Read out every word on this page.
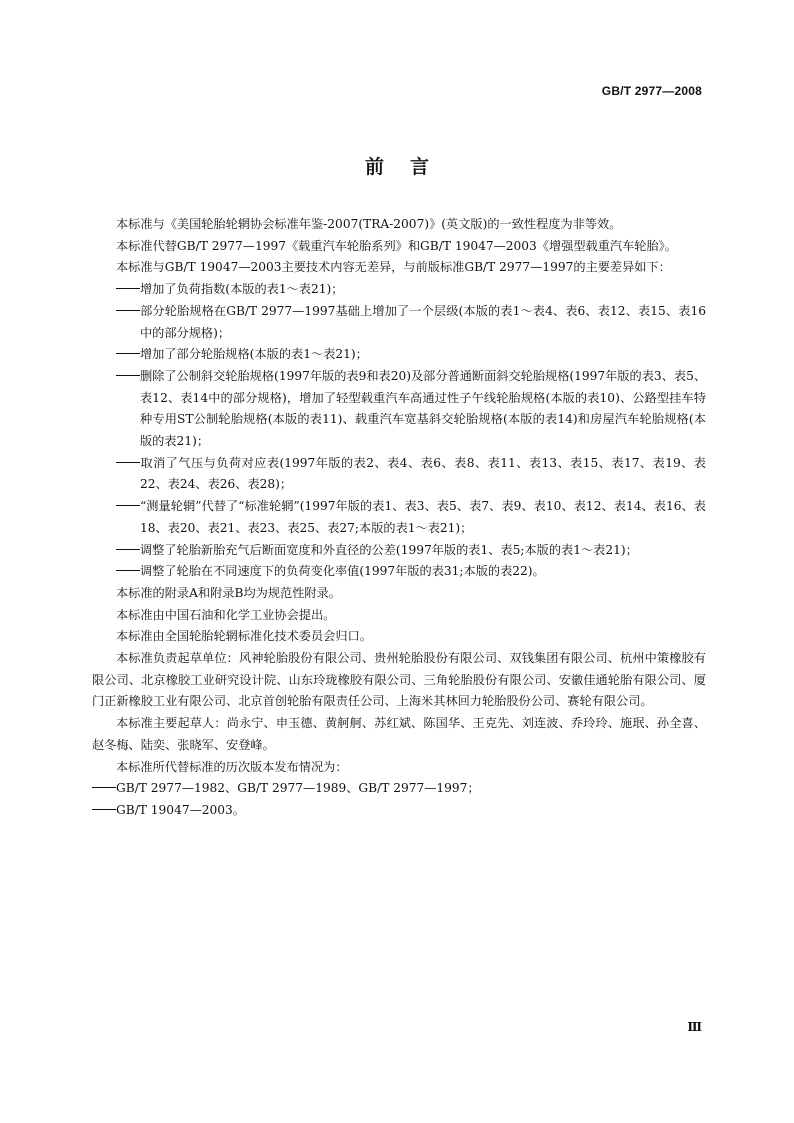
GB/T 2977—2008
前言

本标准与《美国轮胎轮辋协会标准年鉴-2007(TRA-2007)》(英文版)的一致性程度为非等效。

本标准代替GB/T 2977—1997《载重汽车轮胎系列》和GB/T 19047—2003《增强型载重汽车轮胎》。

本标准与GB/T 19047—2003主要技术内容无差异，与前版标准GB/T 2977—1997的主要差异如下：

增加了负荷指数(本版的表1～表21)；

部分轮胎规格在GB/T 2977—1997基础上增加了一个层级(本版的表1～表4、表6、表12、表15、表16中的部分规格)；

增加了部分轮胎规格(本版的表1～表21)；

删除了公制斜交轮胎规格(1997年版的表9和表20)及部分普通断面斜交轮胎规格(1997年版的表3、表5、表12、表14中的部分规格)，增加了轻型载重汽车高通过性子午线轮胎规格(本版的表10)、公路型挂车特种专用ST公制轮胎规格(本版的表11)、载重汽车宽基斜交轮胎规格(本版的表14)和房屋汽车轮胎规格(本版的表21)；

取消了气压与负荷对应表(1997年版的表2、表4、表6、表8、表11、表13、表15、表17、表19、表22、表24、表26、表28)；

“测量轮辋”代替了“标准轮辋”(1997年版的表1、表3、表5、表7、表9、表10、表12、表14、表16、表18、表20、表21、表23、表25、表27;本版的表1～表21)；

调整了轮胎新胎充气后断面宽度和外直径的公差(1997年版的表1、表5;本版的表1～表21)；

调整了轮胎在不同速度下的负荷变化率值(1997年版的表31;本版的表22)。

本标准的附录A和附录B均为规范性附录。

本标准由中国石油和化学工业协会提出。

本标准由全国轮胎轮辋标准化技术委员会归口。

本标准负责起草单位：风神轮胎股份有限公司、贵州轮胎股份有限公司、双钱集团有限公司、杭州中策橡胶有限公司、北京橡胶工业研究设计院、山东玲珑橡胶有限公司、三角轮胎股份有限公司、安徽佳通轮胎有限公司、厦门正新橡胶工业有限公司、北京首创轮胎有限责任公司、上海米其林回力轮胎股份公司、赛轮有限公司。

本标准主要起草人：尚永宁、申玉德、黄舸舸、苏红斌、陈国华、王克先、刘连波、乔玲玲、施珉、孙全喜、赵冬梅、陆奕、张晓军、安登峰。

本标准所代替标准的历次版本发布情况为：

GB/T 2977—1982、GB/T 2977—1989、GB/T 2977—1997；

GB/T 19047—2003。

Ⅲ
